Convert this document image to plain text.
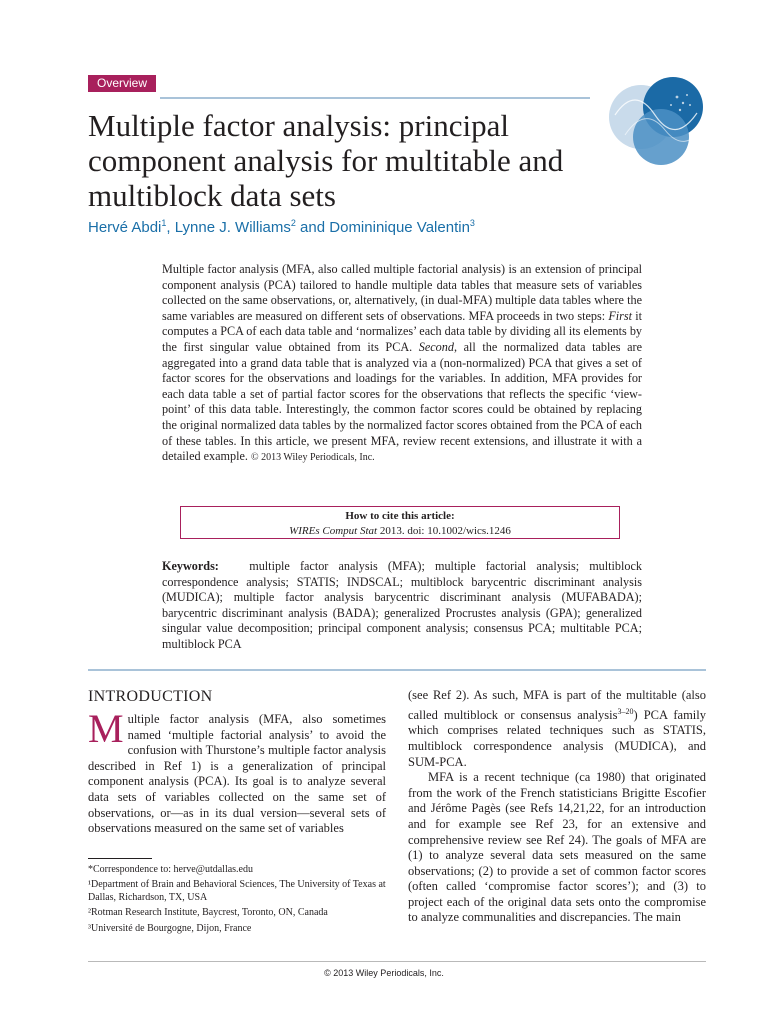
Overview
Multiple factor analysis: principal component analysis for multitable and multiblock data sets
Hervé Abdi$^1$, Lynne J. Williams$^2$ and Domininique Valentin$^3$

Multiple factor analysis (MFA, also called multiple factorial analysis) is an extension of principal component analysis (PCA) tailored to handle multiple data tables that measure sets of variables collected on the same observations, or, alternatively, (in dual-MFA) multiple data tables where the same variables are measured on different sets of observations. MFA proceeds in two steps: First it computes a PCA of each data table and ‘normalizes’ each data table by dividing all its elements by the first singular value obtained from its PCA. Second, all the normalized data tables are aggregated into a grand data table that is analyzed via a (non-normalized) PCA that gives a set of factor scores for the observations and loadings for the variables. In addition, MFA provides for each data table a set of partial factor scores for the observations that reflects the specific ‘view-point’ of this data table. Interestingly, the common factor scores could be obtained by replacing the original normalized data tables by the normalized factor scores obtained from the PCA of each of these tables. In this article, we present MFA, review recent extensions, and illustrate it with a detailed example. © 2013 Wiley Periodicals, Inc.

How to cite this article:
WIREs Comput Stat 2013. doi: 10.1002/wics.1246

Keywords: multiple factor analysis (MFA); multiple factorial analysis; multiblock correspondence analysis; STATIS; INDSCAL; multiblock barycentric discriminant analysis (MUDICA); multiple factor analysis barycentric discriminant analysis (MUFABADA); barycentric discriminant analysis (BADA); generalized Procrustes analysis (GPA); generalized singular value decomposition; principal component analysis; consensus PCA; multitable PCA; multiblock PCA

INTRODUCTION

Multiple factor analysis (MFA, also sometimes named ‘multiple factorial analysis’ to avoid the confusion with Thurstone’s multiple factor analysis described in Ref 1) is a generalization of principal component analysis (PCA). Its goal is to analyze several data sets of variables collected on the same set of observations, or—as in its dual version—several sets of observations measured on the same set of variables

*Correspondence to: herve@utdallas.edu

¹Department of Brain and Behavioral Sciences, The University of Texas at Dallas, Richardson, TX, USA

²Rotman Research Institute, Baycrest, Toronto, ON, Canada

³Université de Bourgogne, Dijon, France

(see Ref 2). As such, MFA is part of the multitable (also called multiblock or consensus analysis$^{3-20}$) PCA family which comprises related techniques such as STATIS, multiblock correspondence analysis (MUDICA), and SUM-PCA.

MFA is a recent technique (ca 1980) that originated from the work of the French statisticians Brigitte Escofier and Jérôme Pagès (see Refs 14,21,22, for an introduction and for example see Ref 23, for an extensive and comprehensive review see Ref 24). The goals of MFA are (1) to analyze several data sets measured on the same observations; (2) to provide a set of common factor scores (often called ‘compromise factor scores’); and (3) to project each of the original data sets onto the compromise to analyze communalities and discrepancies. The main

© 2013 Wiley Periodicals, Inc.
